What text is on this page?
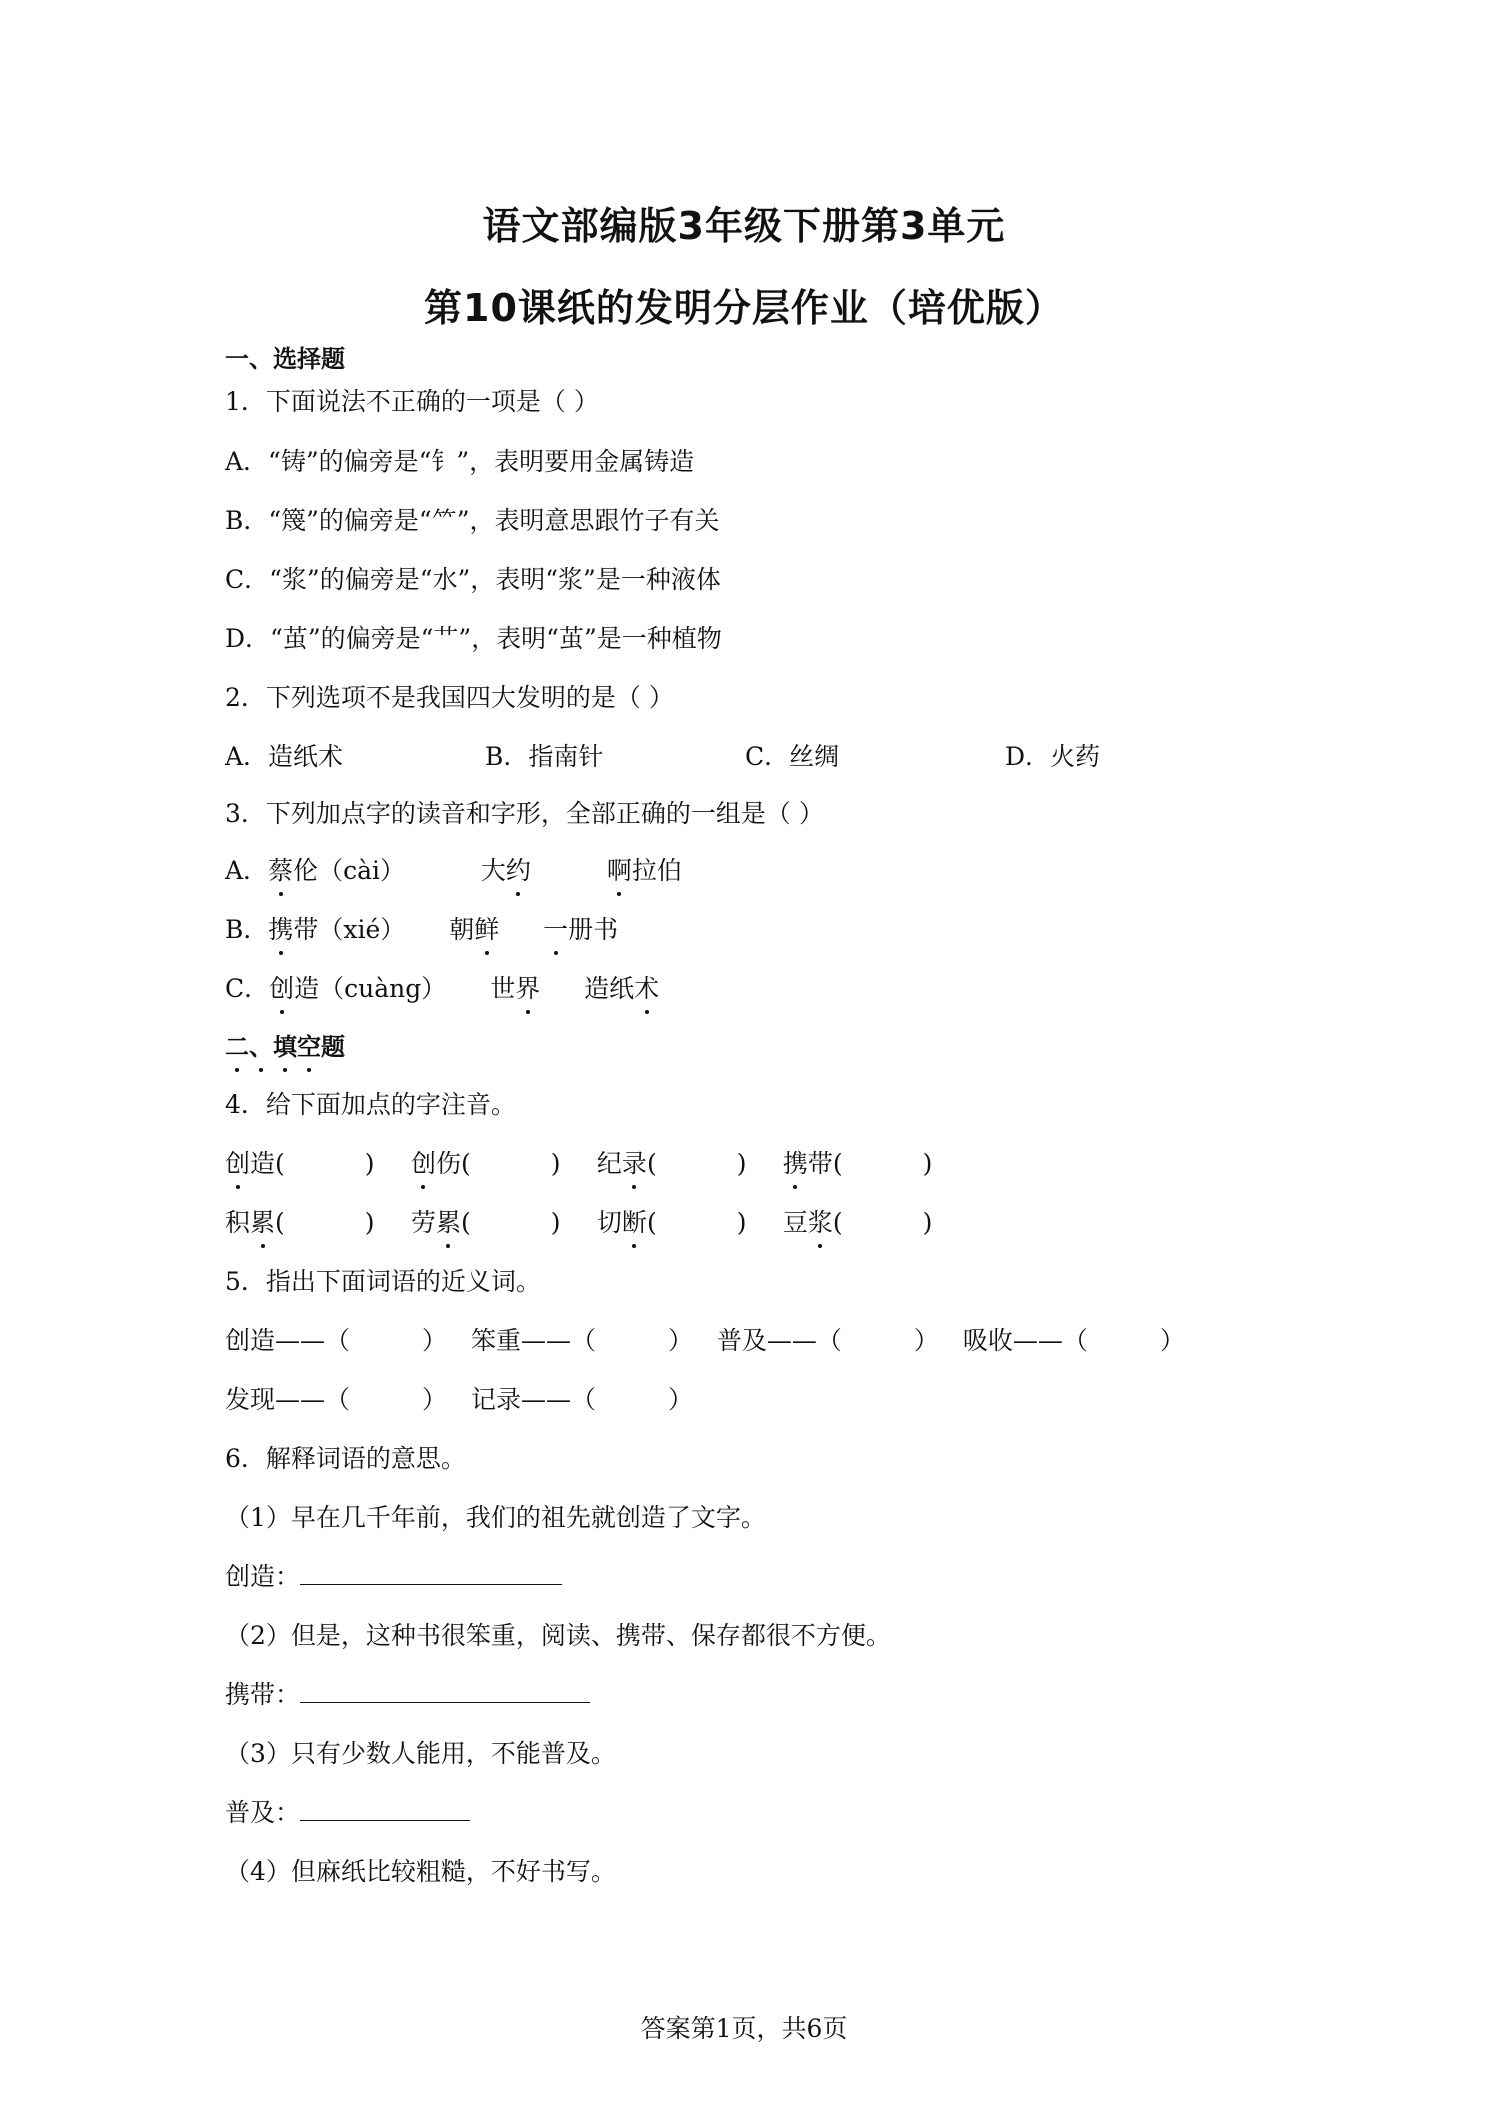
语文部编版3年级下册第3单元
第10课纸的发明分层作业（培优版）
一、选择题
1．下面说法不正确的一项是（ ）
A．“铸”的偏旁是“钅”，表明要用金属铸造
B．“篾”的偏旁是“⺮”，表明意思跟竹子有关
C．“浆”的偏旁是“水”，表明“浆”是一种液体
D．“茧”的偏旁是“艹”，表明“茧”是一种植物
2．下列选项不是我国四大发明的是（ ）
A．造纸术	B．指南针	C．丝绸	D．火药
3．下列加点字的读音和字形，全部正确的一组是（ ）
A．蔡伦（cài）	大约	啊拉伯
B．携带（xié） 朝鲜 一册书
C．创造（cuàng） 世界 造纸术
二、填空题
4．给下面加点的字注音。
创造(	) 创伤(	) 纪录(	) 携带(	)
积累(	) 劳累(	) 切断(	) 豆浆(	)
5．指出下面词语的近义词。
创造——（	） 笨重——（	） 普及——（	） 吸收——（	）
发现——（	） 记录——（	）
6．解释词语的意思。
（1）早在几千年前，我们的祖先就创造了文字。
创造：
（2）但是，这种书很笨重，阅读、携带、保存都很不方便。
携带：
（3）只有少数人能用，不能普及。
普及：
（4）但麻纸比较粗糙，不好书写。
答案第1页，共6页
